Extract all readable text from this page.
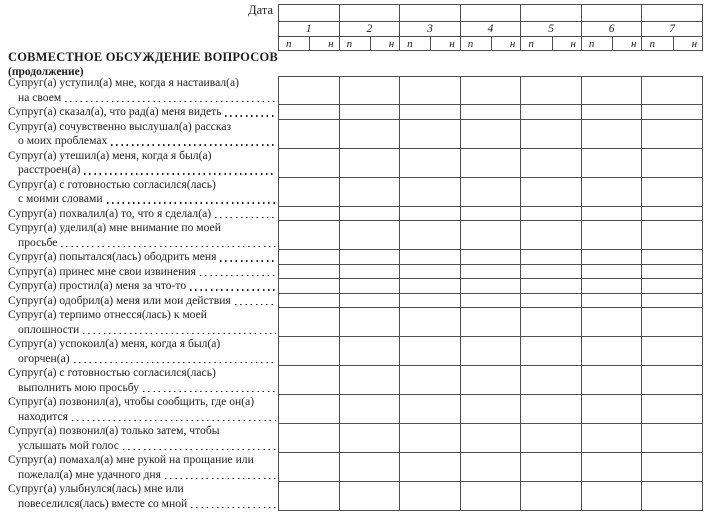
Дата
1	2	3	4	5	6	7
п	н	п	н	п	н	п	н	п	н	п	н	п	н
СОВМЕСТНОЕ ОБСУЖДЕНИЕ ВОПРОСОВ
(продолжение)
Супруг(а) уступил(а) мне, когда я настаивал(а)
на своем
Супруг(а) сказал(а), что рад(а) меня видеть
Супруг(а) сочувственно выслушал(а) рассказ
о моих проблемах
Супруг(а) утешил(а) меня, когда я был(а)
расстроен(а)
Супруг(а) с готовностью согласился(лась)
с моими словами
Супруг(а) похвалил(а) то, что я сделал(а)
Супруг(а) уделил(а) мне внимание по моей
просьбе
Супруг(а) попытался(лась) ободрить меня
Супруг(а) принес мне свои извинения
Супруг(а) простил(а) меня за что-то
Супруг(а) одобрил(а) меня или мои действия
Супруг(а) терпимо отнесся(лась) к моей
оплошности
Супруг(а) успокоил(а) меня, когда я был(а)
огорчен(а)
Супруг(а) с готовностью согласился(лась)
выполнить мою просьбу
Супруг(а) позвонил(а), чтобы сообщить, где он(а)
находится
Супруг(а) позвонил(а) только затем, чтобы
услышать мой голос
Супруг(а) помахал(а) мне рукой на прощание или
пожелал(а) мне удачного дня
Супруг(а) улыбнулся(лась) мне или
повеселился(лась) вместе со мной
